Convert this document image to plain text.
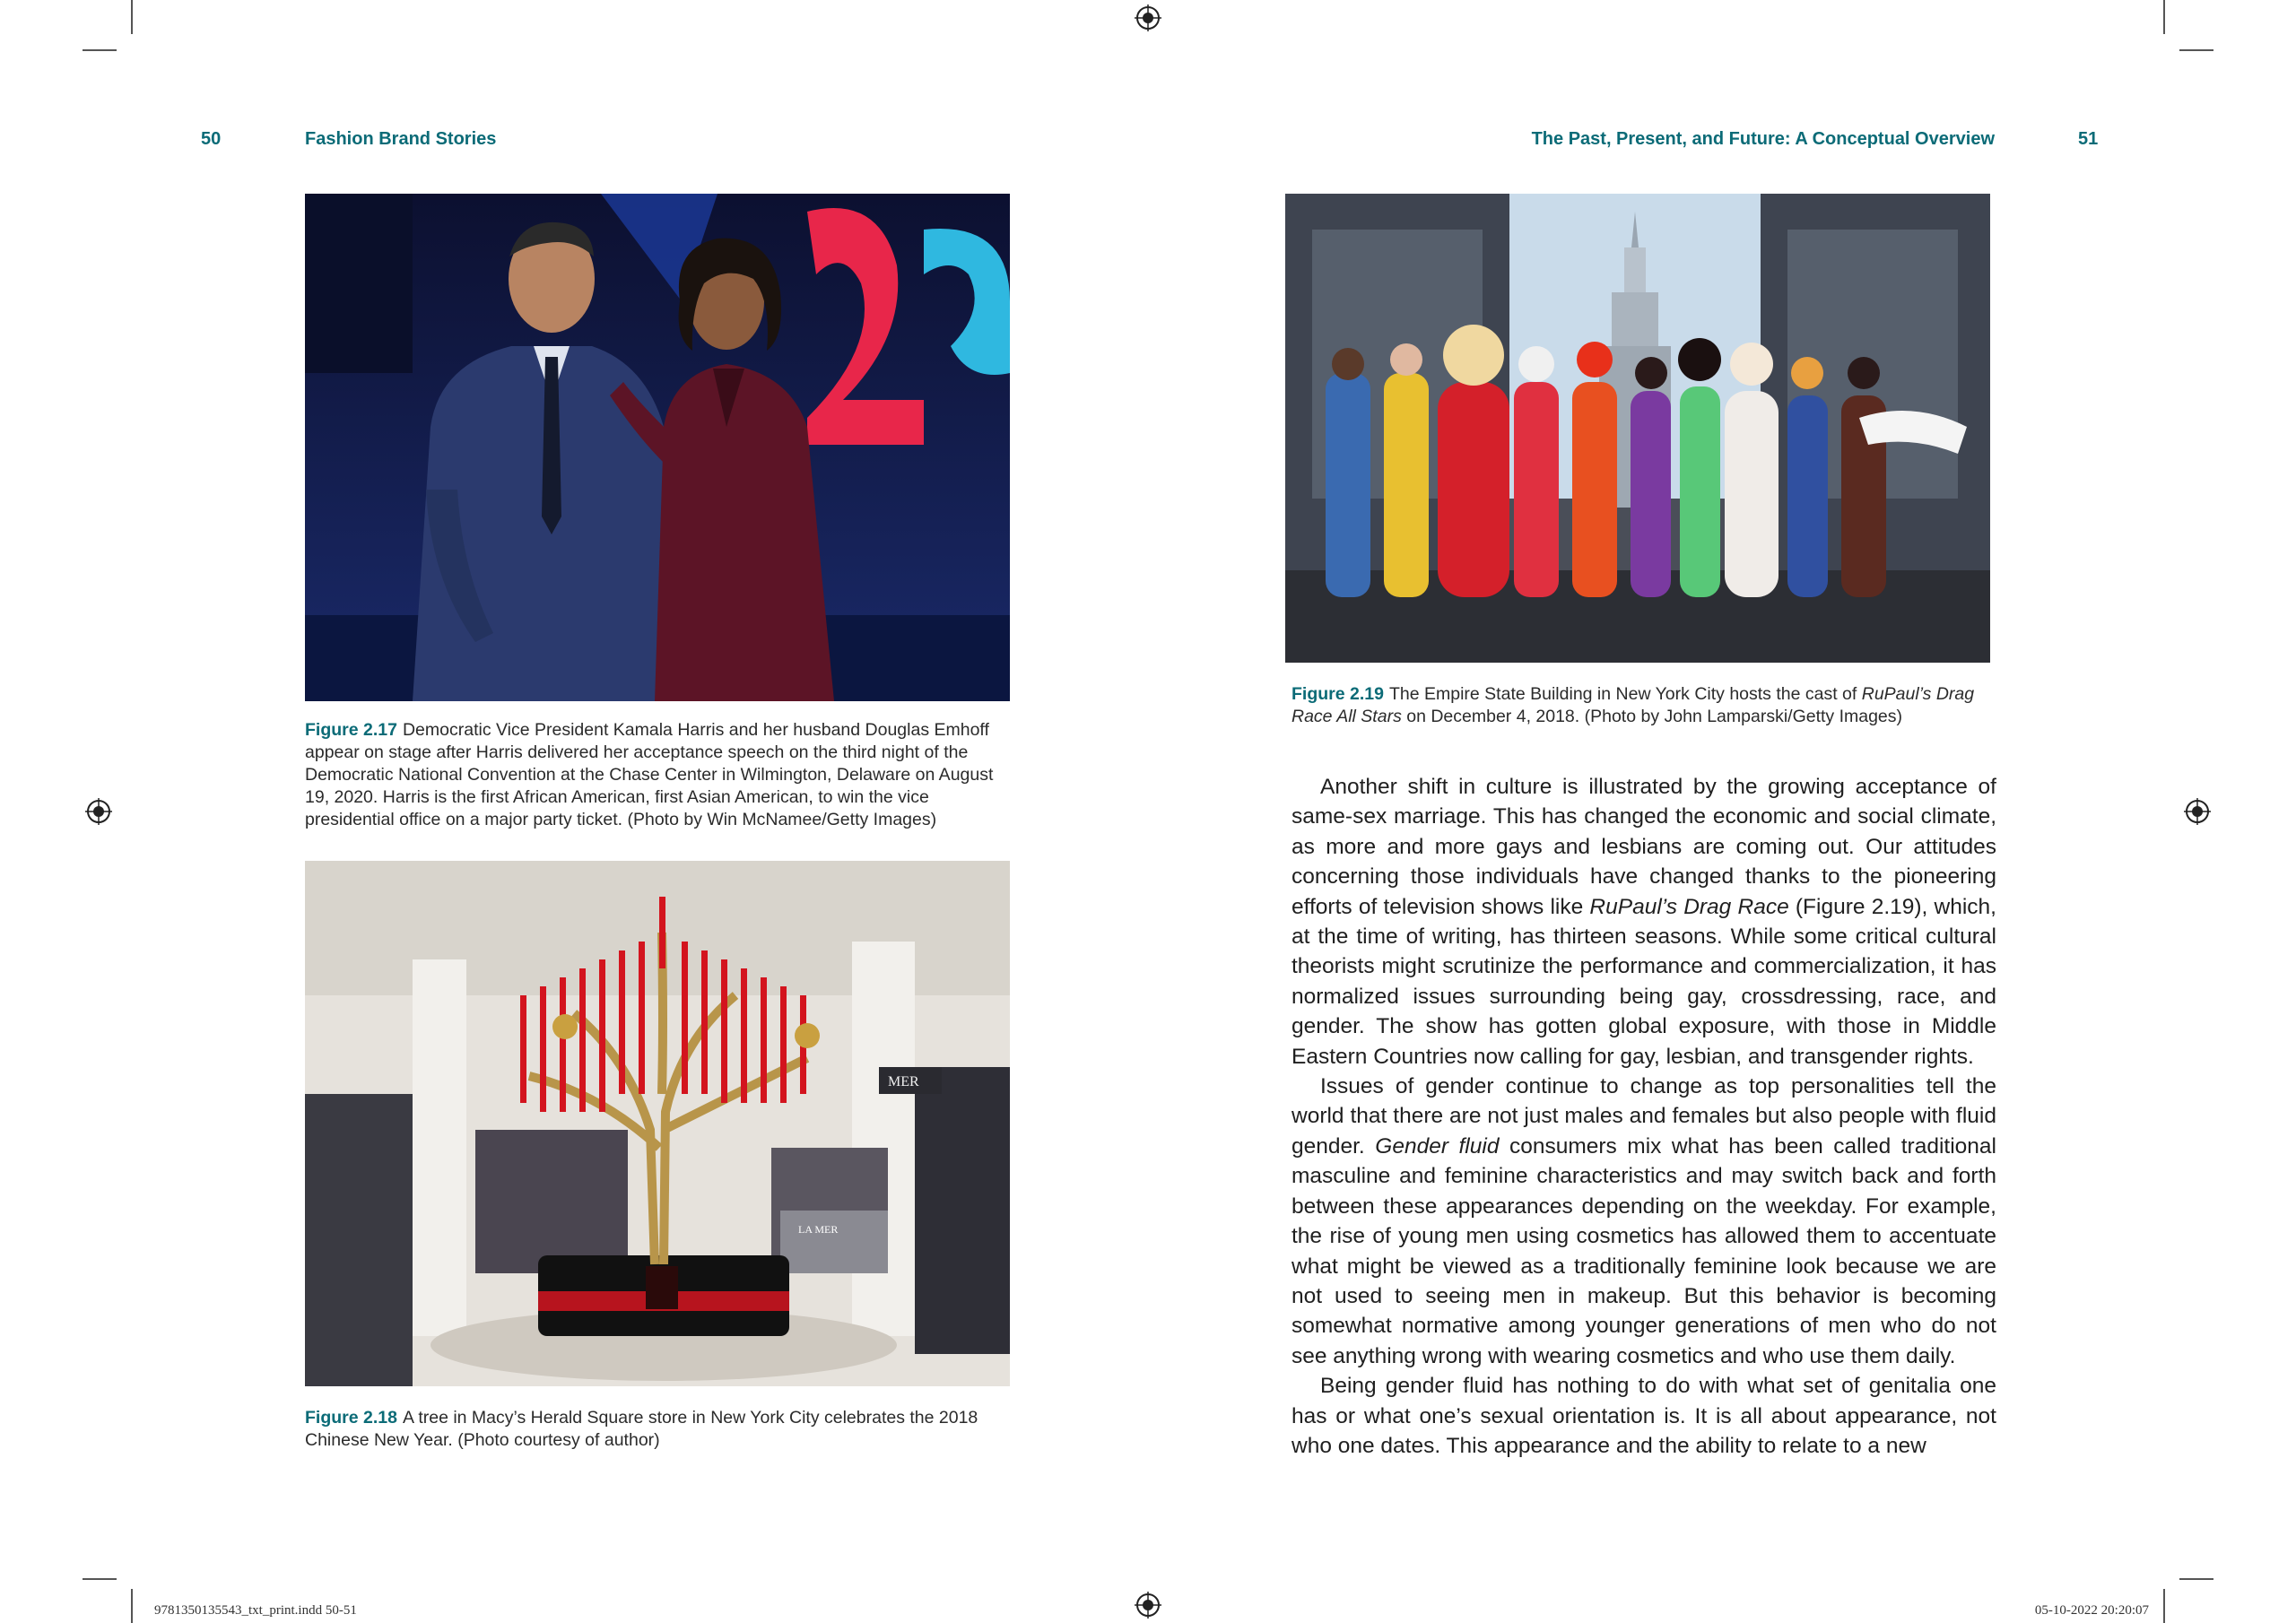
50	Fashion Brand Stories	The Past, Present, and Future: A Conceptual Overview	51
Figure 2.17 Democratic Vice President Kamala Harris and her husband Douglas Emhoff appear on stage after Harris delivered her acceptance speech on the third night of the Democratic National Convention at the Chase Center in Wilmington, Delaware on August 19, 2020. Harris is the first African American, first Asian American, to win the vice presidential office on a major party ticket. (Photo by Win McNamee/Getty Images)
MER
LA MER
Figure 2.18 A tree in Macy’s Herald Square store in New York City celebrates the 2018 Chinese New Year. (Photo courtesy of author)
Figure 2.19 The Empire State Building in New York City hosts the cast of RuPaul’s Drag Race All Stars on December 4, 2018. (Photo by John Lamparski/Getty Images)

Another shift in culture is illustrated by the growing acceptance of same-sex marriage. This has changed the economic and social climate, as more and more gays and lesbians are coming out. Our attitudes concerning those individuals have changed thanks to the pioneering efforts of television shows like RuPaul’s Drag Race (Figure 2.19), which, at the time of writing, has thirteen seasons. While some critical cultural theorists might scrutinize the performance and commercialization, it has normalized issues surrounding being gay, crossdressing, race, and gender. The show has gotten global exposure, with those in Middle Eastern Countries now calling for gay, lesbian, and transgender rights.

Issues of gender continue to change as top personalities tell the world that there are not just males and females but also people with fluid gender. Gender fluid consumers mix what has been called traditional masculine and feminine characteristics and may switch back and forth between these appearances depending on the weekday. For example, the rise of young men using cosmetics has allowed them to accentuate what might be viewed as a traditionally feminine look because we are not used to seeing men in makeup. But this behavior is becoming somewhat normative among younger generations of men who do not see anything wrong with wearing cosmetics and who use them daily.

Being gender fluid has nothing to do with what set of genitalia one has or what one’s sexual orientation is. It is all about appearance, not who one dates. This appearance and the ability to relate to a new

9781350135543_txt_print.indd 50-51	05-10-2022 20:20:07
